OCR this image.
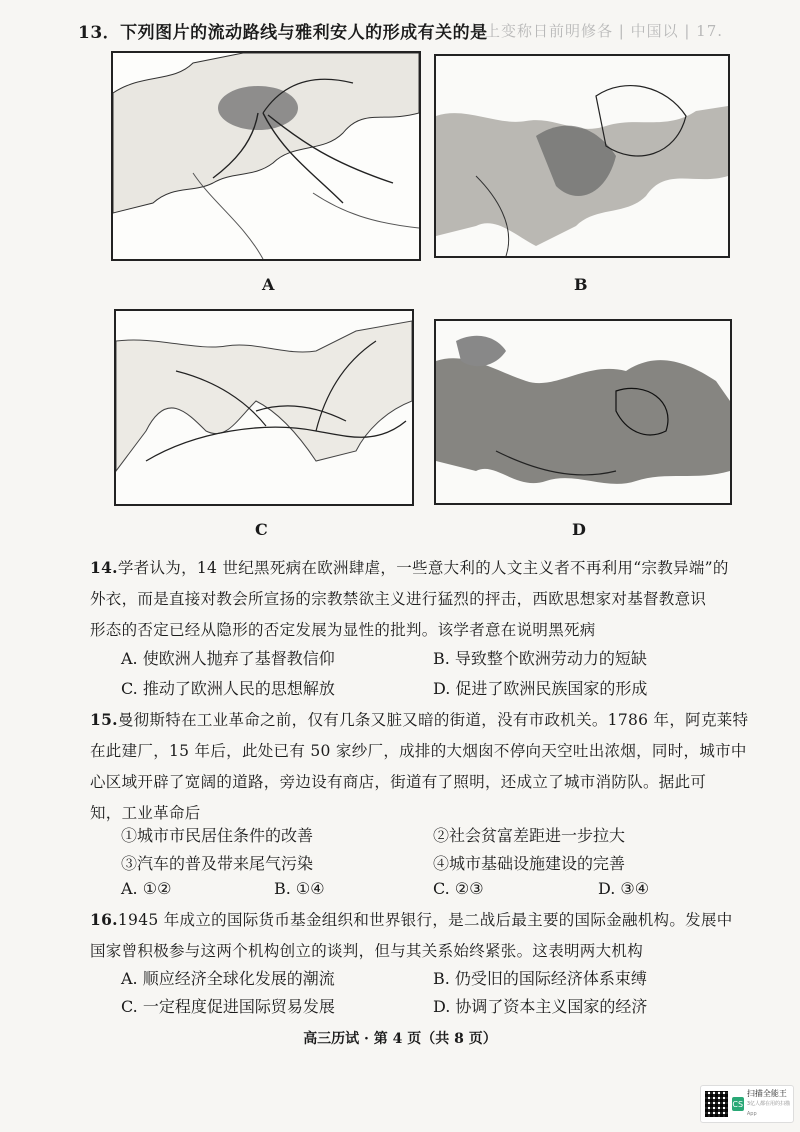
13．下列图片的流动路线与雅利安人的形成有关的是
上变称日前明修各 | 中国以 | 17.
A	B
C	D
14.学者认为，14 世纪黑死病在欧洲肆虐，一些意大利的人文主义者不再利用“宗教异端”的
外衣，而是直接对教会所宣扬的宗教禁欲主义进行猛烈的抨击，西欧思想家对基督教意识
形态的否定已经从隐形的否定发展为显性的批判。该学者意在说明黑死病
A. 使欧洲人抛弃了基督教信仰	B. 导致整个欧洲劳动力的短缺
C. 推动了欧洲人民的思想解放	D. 促进了欧洲民族国家的形成
15.曼彻斯特在工业革命之前，仅有几条又脏又暗的街道，没有市政机关。1786 年，阿克莱特
在此建厂，15 年后，此处已有 50 家纱厂，成排的大烟囱不停向天空吐出浓烟，同时，城市中
心区域开辟了宽阔的道路，旁边设有商店，街道有了照明，还成立了城市消防队。据此可
知，工业革命后
①城市市民居住条件的改善	②社会贫富差距进一步拉大
③汽车的普及带来尾气污染	④城市基础设施建设的完善
A. ①②	B. ①④	C. ②③	D. ③④
16.1945 年成立的国际货币基金组织和世界银行，是二战后最主要的国际金融机构。发展中
国家曾积极参与这两个机构创立的谈判，但与其关系始终紧张。这表明两大机构
A. 顺应经济全球化发展的潮流	B. 仍受旧的国际经济体系束缚
C. 一定程度促进国际贸易发展	D. 协调了资本主义国家的经济
高三历试 · 第 4 页（共 8 页）
CS
扫描全能王
3亿人都在用的扫描App
